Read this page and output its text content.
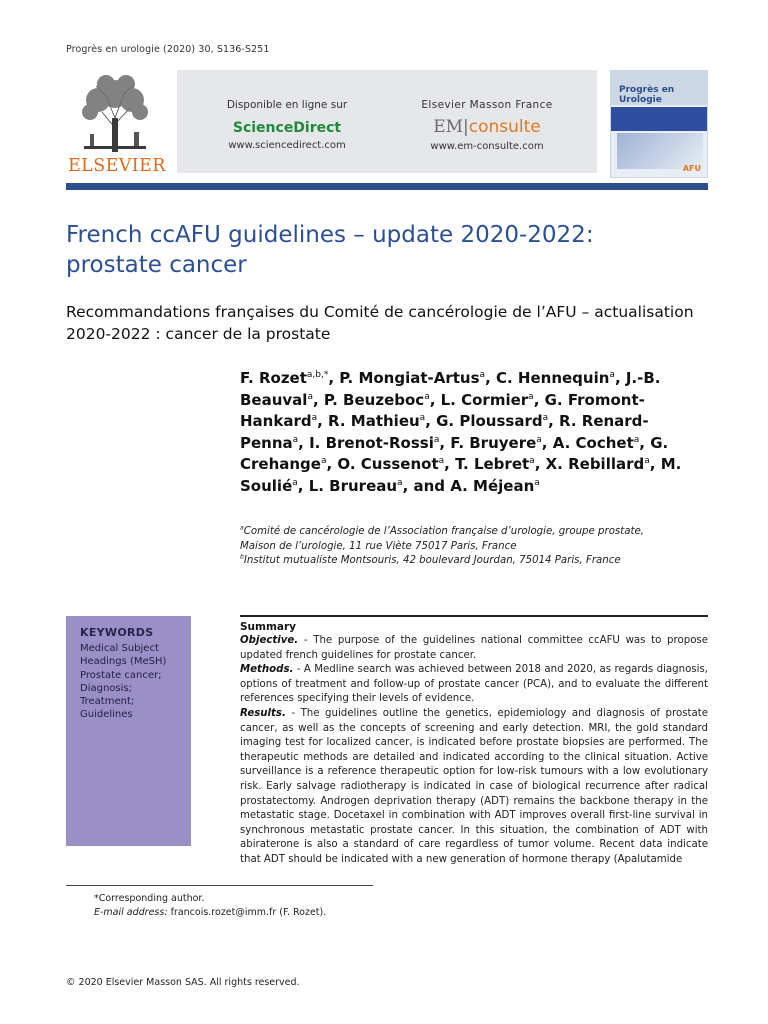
Progrès en urologie (2020) 30, S136-S251
ELSEVIER
Disponible en ligne sur
ScienceDirect
www.sciencedirect.com
Elsevier Masson France
EM|consulte
www.em-consulte.com
Progrès en
Urologie
AFU
French ccAFU guidelines – update 2020-2022:
prostate cancer
Recommandations françaises du Comité de cancérologie de l’AFU – actualisation
2020-2022 : cancer de la prostate
F. Rozet$^{a,b,*}$, P. Mongiat-Artus$^a$, C. Hennequin$^a$, J.-B. Beauval$^a$, P. Beuzeboc$^a$, L. Cormier$^a$, G. Fromont-Hankard$^a$, R. Mathieu$^a$, G. Ploussard$^a$, R. Renard-Penna$^a$, I. Brenot-Rossi$^a$, F. Bruyere$^a$, A. Cochet$^a$, G. Crehange$^a$, O. Cussenot$^a$, T. Lebret$^a$, X. Rebillard$^a$, M. Soulié$^a$, L. Brureau$^a$, and A. Méjean$^a$
$^a$Comité de cancérologie de l’Association française d’urologie, groupe prostate,
Maison de l’urologie, 11 rue Viète 75017 Paris, France
$^b$Institut mutualiste Montsouris, 42 boulevard Jourdan, 75014 Paris, France
KEYWORDS
Medical Subject
Headings (MeSH)
Prostate cancer;
Diagnosis;
Treatment;
Guidelines
Summary
Objective. - The purpose of the guidelines national committee ccAFU was to propose updated french guidelines for prostate cancer.
Methods. - A Medline search was achieved between 2018 and 2020, as regards diagnosis, options of treatment and follow-up of prostate cancer (PCA), and to evaluate the different references specifying their levels of evidence.
Results. - The guidelines outline the genetics, epidemiology and diagnosis of prostate cancer, as well as the concepts of screening and early detection. MRI, the gold standard imaging test for localized cancer, is indicated before prostate biopsies are performed. The therapeutic methods are detailed and indicated according to the clinical situation. Active surveillance is a reference therapeutic option for low-risk tumours with a low evolutionary risk. Early salvage radiotherapy is indicated in case of biological recurrence after radical prostatectomy. Androgen deprivation therapy (ADT) remains the backbone therapy in the metastatic stage. Docetaxel in combination with ADT improves overall first-line survival in synchronous metastatic prostate cancer. In this situation, the combination of ADT with abiraterone is also a standard of care regardless of tumor volume. Recent data indicate that ADT should be indicated with a new generation of hormone therapy (Apalutamide
*Corresponding author.
E-mail address: francois.rozet@imm.fr (F. Rozet).
© 2020 Elsevier Masson SAS. All rights reserved.
